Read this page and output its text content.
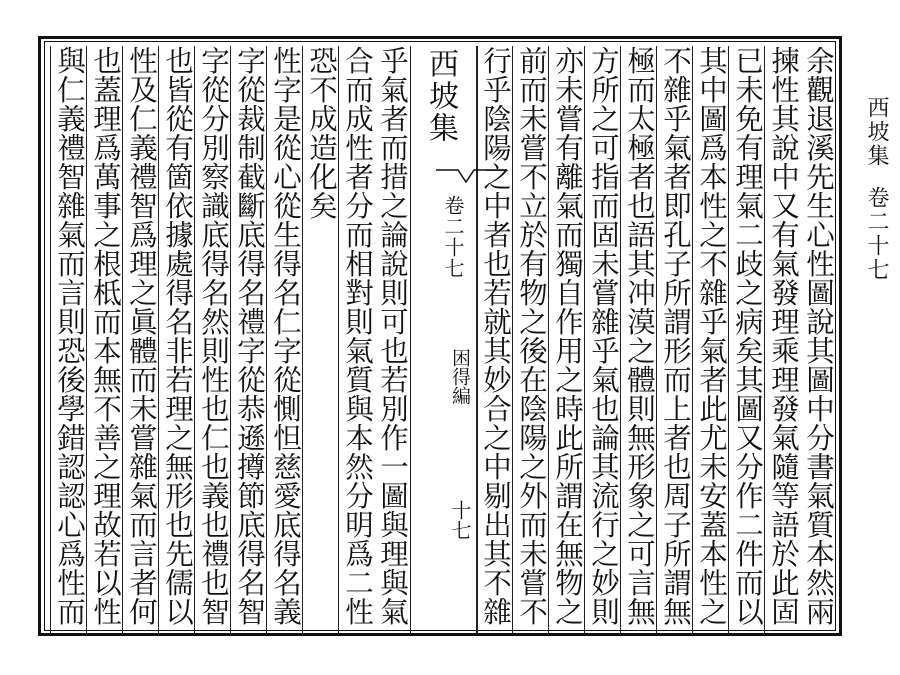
西坡集卷二十七
余觀退溪先生心性圖說其圖中分書氣質本然兩
揀性其說中又有氣發理乘理發氣隨等語於此固
已未免有理氣二歧之病矣其圖又分作二件而以
其中圖爲本性之不雜乎氣者此尤未安蓋本性之
不雜乎氣者即孔子所謂形而上者也周子所謂無
極而太極者也語其冲漠之體則無形象之可言無
方所之可指而固未嘗雜乎氣也論其流行之妙則
亦未嘗有離氣而獨自作用之時此所謂在無物之
前而未嘗不立於有物之後在陰陽之外而未嘗不
行乎陰陽之中者也若就其妙合之中剔出其不雜
西坡集
卷二十七
困得編
十七
乎氣者而措之論說則可也若別作一圖與理與氣
合而成性者分而相對則氣質與本然分明爲二性
恐不成造化矣
性字是從心從生得名仁字從惻怛慈愛底得名義
字從裁制截斷底得名禮字從恭遜撙節底得名智
字從分別察識底得名然則性也仁也義也禮也智
也皆從有箇依據處得名非若理之無形也先儒以
性及仁義禮智爲理之眞體而未嘗雜氣而言者何
也蓋理爲萬事之根柢而本無不善之理故若以性
與仁義禮智雜氣而言則恐後學錯認認心爲性而
